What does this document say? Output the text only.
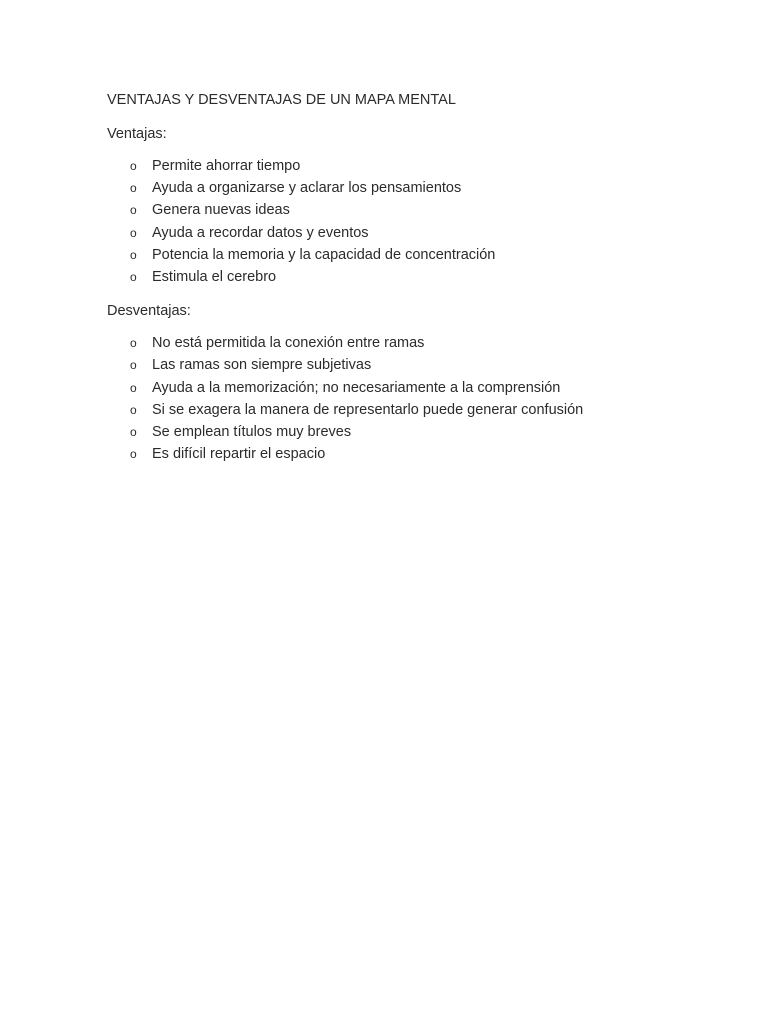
VENTAJAS Y DESVENTAJAS DE UN MAPA MENTAL

Ventajas:

o Permite ahorrar tiempo
o Ayuda a organizarse y aclarar los pensamientos
o Genera nuevas ideas
o Ayuda a recordar datos y eventos
o Potencia la memoria y la capacidad de concentración
o Estimula el cerebro

Desventajas:

o No está permitida la conexión entre ramas
o Las ramas son siempre subjetivas
o Ayuda a la memorización; no necesariamente a la comprensión
o Si se exagera la manera de representarlo puede generar confusión
o Se emplean títulos muy breves
o Es difícil repartir el espacio
